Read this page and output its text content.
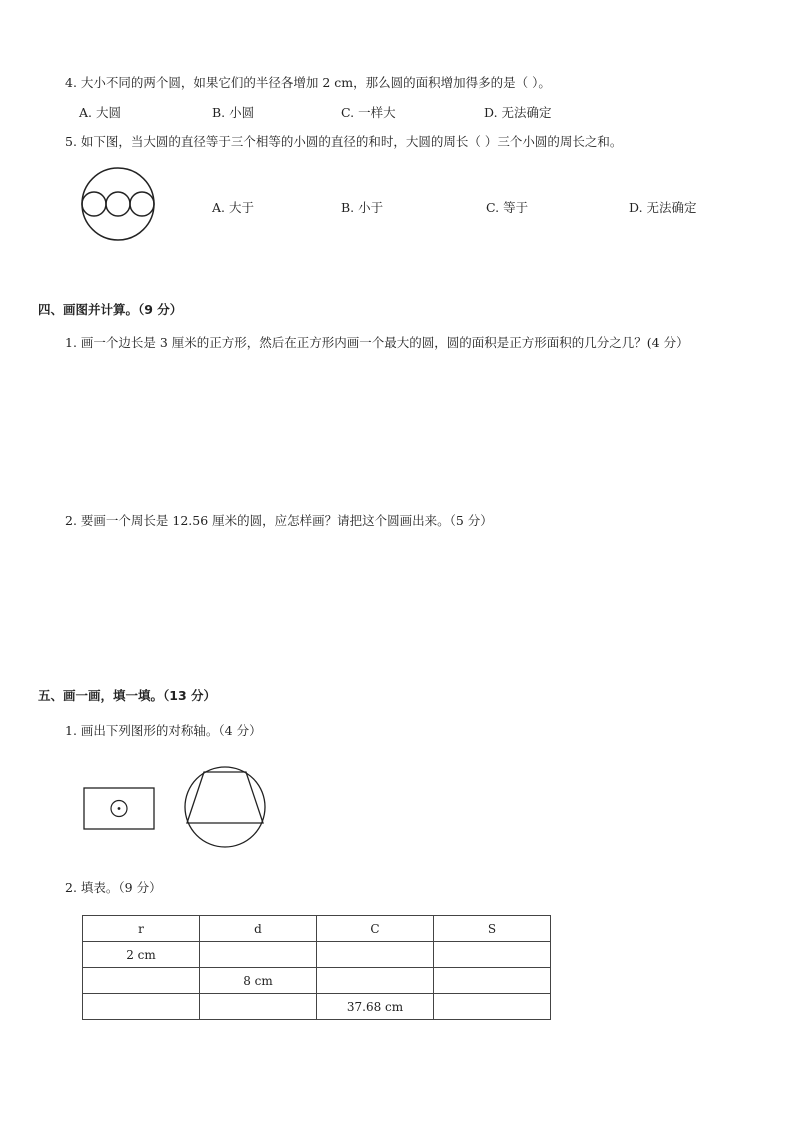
4. 大小不同的两个圆，如果它们的半径各增加 2 cm，那么圆的面积增加得多的是（ ）。
A. 大圆	B. 小圆	C. 一样大	D. 无法确定
5. 如下图，当大圆的直径等于三个相等的小圆的直径的和时，大圆的周长（ ）三个小圆的周长之和。
A. 大于	B. 小于	C. 等于	D. 无法确定
四、画图并计算。（9 分）
1. 画一个边长是 3 厘米的正方形，然后在正方形内画一个最大的圆，圆的面积是正方形面积的几分之几？(4 分）
2. 要画一个周长是 12.56 厘米的圆，应怎样画？请把这个圆画出来。（5 分）
五、画一画，填一填。（13 分）
1. 画出下列图形的对称轴。（4 分）
2. 填表。（9 分）
r	d	C	S
2 cm			
	8 cm		
		37.68 cm	
